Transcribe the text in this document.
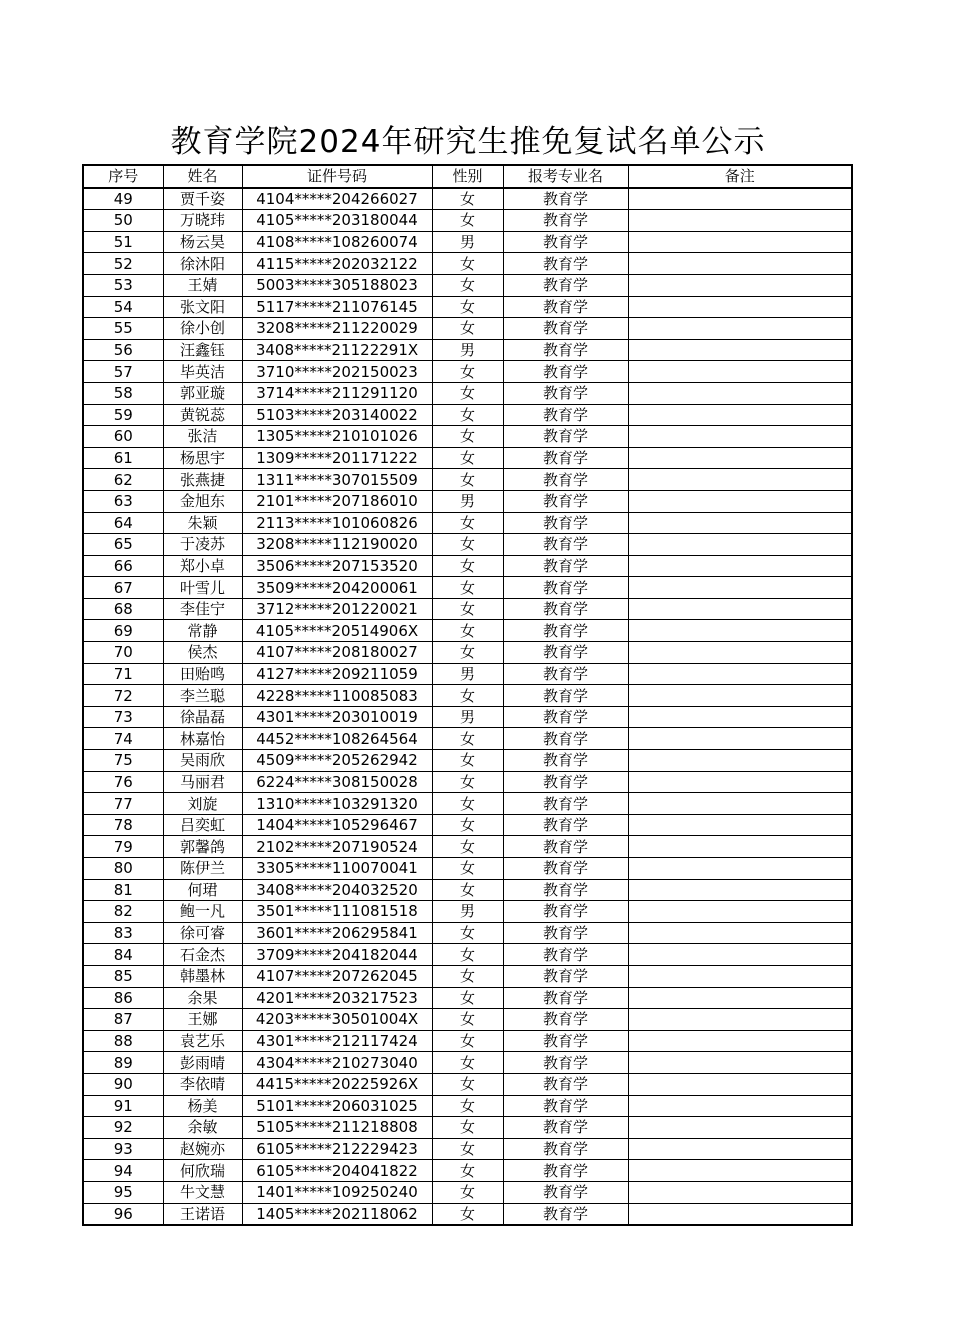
教育学院2024年研究生推免复试名单公示
序号	姓名	证件号码	性别	报考专业名	备注
49	贾千姿	4104*****204266027	女	教育学	
50	万晓玮	4105*****203180044	女	教育学	
51	杨云昊	4108*****108260074	男	教育学	
52	徐沐阳	4115*****202032122	女	教育学	
53	王婧	5003*****305188023	女	教育学	
54	张文阳	5117*****211076145	女	教育学	
55	徐小创	3208*****211220029	女	教育学	
56	汪鑫钰	3408*****21122291X	男	教育学	
57	毕英洁	3710*****202150023	女	教育学	
58	郭亚璇	3714*****211291120	女	教育学	
59	黄锐蕊	5103*****203140022	女	教育学	
60	张洁	1305*****210101026	女	教育学	
61	杨思宇	1309*****201171222	女	教育学	
62	张燕捷	1311*****307015509	女	教育学	
63	金旭东	2101*****207186010	男	教育学	
64	朱颖	2113*****101060826	女	教育学	
65	于凌苏	3208*****112190020	女	教育学	
66	郑小卓	3506*****207153520	女	教育学	
67	叶雪儿	3509*****204200061	女	教育学	
68	李佳宁	3712*****201220021	女	教育学	
69	常静	4105*****20514906X	女	教育学	
70	侯杰	4107*****208180027	女	教育学	
71	田贻鸣	4127*****209211059	男	教育学	
72	李兰聪	4228*****110085083	女	教育学	
73	徐晶磊	4301*****203010019	男	教育学	
74	林嘉怡	4452*****108264564	女	教育学	
75	吴雨欣	4509*****205262942	女	教育学	
76	马丽君	6224*****308150028	女	教育学	
77	刘旋	1310*****103291320	女	教育学	
78	吕奕虹	1404*****105296467	女	教育学	
79	郭馨鸽	2102*****207190524	女	教育学	
80	陈伊兰	3305*****110070041	女	教育学	
81	何珺	3408*****204032520	女	教育学	
82	鲍一凡	3501*****111081518	男	教育学	
83	徐可睿	3601*****206295841	女	教育学	
84	石金杰	3709*****204182044	女	教育学	
85	韩墨林	4107*****207262045	女	教育学	
86	余果	4201*****203217523	女	教育学	
87	王娜	4203*****30501004X	女	教育学	
88	袁艺乐	4301*****212117424	女	教育学	
89	彭雨晴	4304*****210273040	女	教育学	
90	李依晴	4415*****20225926X	女	教育学	
91	杨美	5101*****206031025	女	教育学	
92	余敏	5105*****211218808	女	教育学	
93	赵婉亦	6105*****212229423	女	教育学	
94	何欣瑞	6105*****204041822	女	教育学	
95	牛文慧	1401*****109250240	女	教育学	
96	王诺语	1405*****202118062	女	教育学	
